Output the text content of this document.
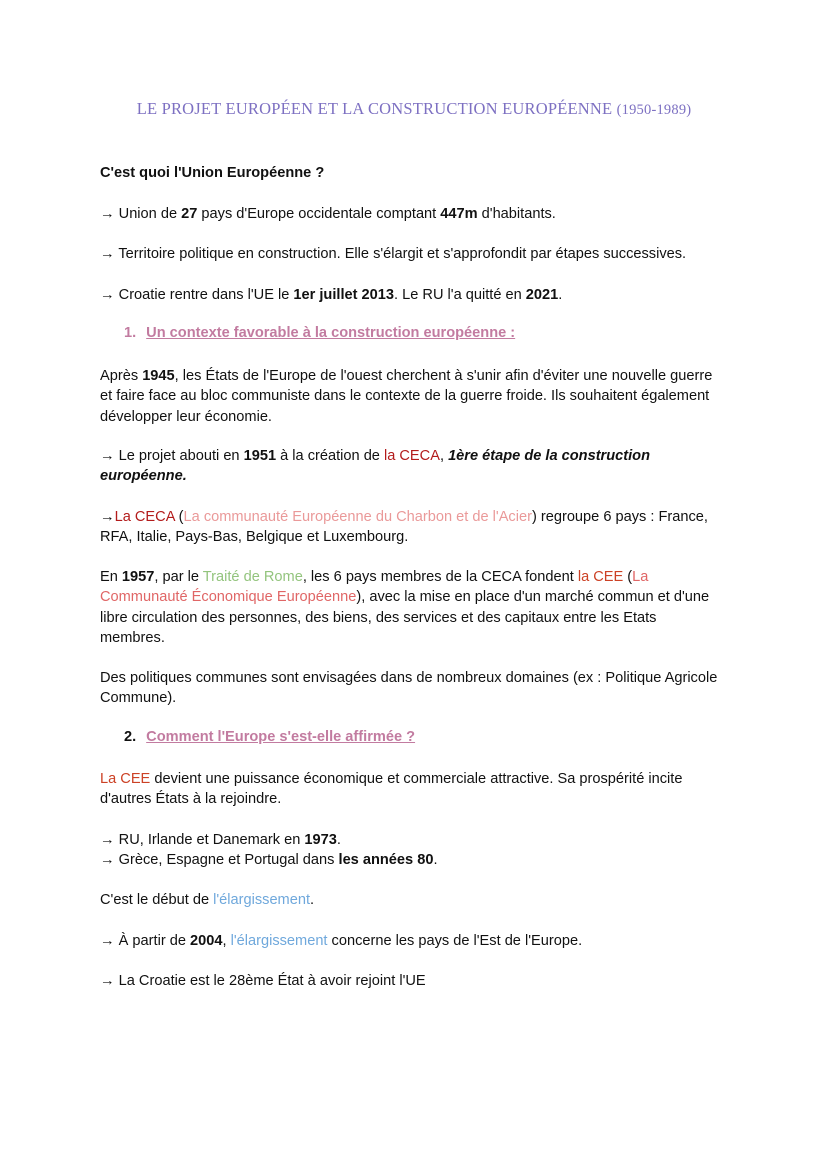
LE PROJET EUROPÉEN ET LA CONSTRUCTION EUROPÉENNE (1950-1989)
C'est quoi l'Union Européenne ?
→ Union de 27 pays d'Europe occidentale comptant 447m d'habitants.
→ Territoire politique en construction. Elle s'élargit et s'approfondit par étapes successives.
→ Croatie rentre dans l'UE le 1er juillet 2013. Le RU l'a quitté en 2021.
1. Un contexte favorable à la construction européenne :
Après 1945, les États de l'Europe de l'ouest cherchent à s'unir afin d'éviter une nouvelle guerre et faire face au bloc communiste dans le contexte de la guerre froide. Ils souhaitent également développer leur économie.
→ Le projet abouti en 1951 à la création de la CECA, 1ère étape de la construction européenne.
→La CECA (La communauté Européenne du Charbon et de l'Acier) regroupe 6 pays : France, RFA, Italie, Pays-Bas, Belgique et Luxembourg.
En 1957, par le Traité de Rome, les 6 pays membres de la CECA fondent la CEE (La Communauté Économique Européenne), avec la mise en place d'un marché commun et d'une libre circulation des personnes, des biens, des services et des capitaux entre les Etats membres.
Des politiques communes sont envisagées dans de nombreux domaines (ex : Politique Agricole Commune).
2. Comment l'Europe s'est-elle affirmée ?
La CEE devient une puissance économique et commerciale attractive. Sa prospérité incite d'autres États à la rejoindre.
→ RU, Irlande et Danemark en 1973.
→ Grèce, Espagne et Portugal dans les années 80.
C'est le début de l'élargissement.
→ À partir de 2004, l'élargissement concerne les pays de l'Est de l'Europe.
→ La Croatie est le 28ème État à avoir rejoint l'UE
